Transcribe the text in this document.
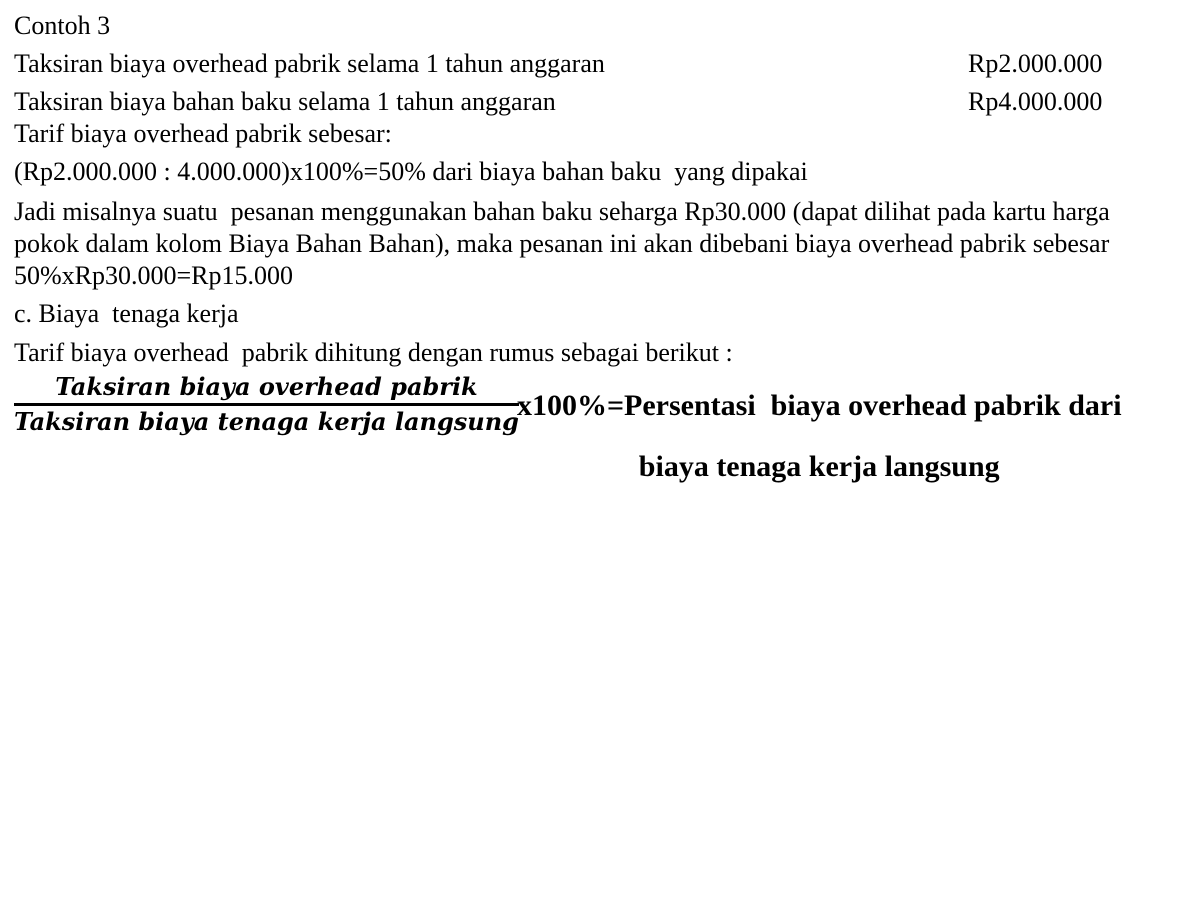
Contoh 3
Taksiran biaya overhead pabrik selama 1 tahun anggaran	Rp2.000.000
Taksiran biaya bahan baku selama 1 tahun anggaran	Rp4.000.000
Tarif biaya overhead pabrik sebesar:
(Rp2.000.000 : 4.000.000)x100%=50% dari biaya bahan baku  yang dipakai
Jadi misalnya suatu  pesanan menggunakan bahan baku seharga Rp30.000 (dapat dilihat pada kartu harga
pokok dalam kolom Biaya Bahan Bahan), maka pesanan ini akan dibebani biaya overhead pabrik sebesar
50%xRp30.000=Rp15.000
c. Biaya  tenaga kerja
Tarif biaya overhead  pabrik dihitung dengan rumus sebagai berikut :
$\frac{\text{Taksiran biaya overhead pabrik}}{\text{Taksiran biaya tenaga kerja langsung}}$
x100%=Persentasi  biaya overhead pabrik dari
biaya tenaga kerja langsung
